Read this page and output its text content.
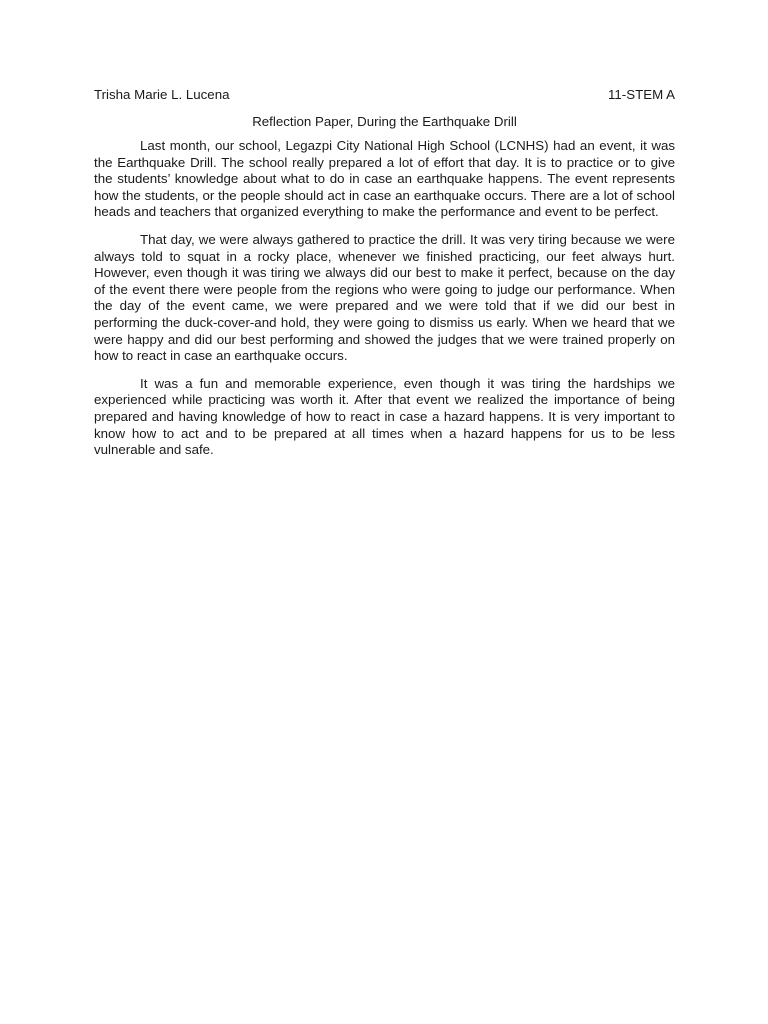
Trisha Marie L. Lucena	11-STEM A
Reflection Paper, During the Earthquake Drill

Last month, our school, Legazpi City National High School (LCNHS) had an event, it was the Earthquake Drill. The school really prepared a lot of effort that day. It is to practice or to give the students’ knowledge about what to do in case an earthquake happens. The event represents how the students, or the people should act in case an earthquake occurs. There are a lot of school heads and teachers that organized everything to make the performance and event to be perfect.

That day, we were always gathered to practice the drill. It was very tiring because we were always told to squat in a rocky place, whenever we finished practicing, our feet always hurt. However, even though it was tiring we always did our best to make it perfect, because on the day of the event there were people from the regions who were going to judge our performance. When the day of the event came, we were prepared and we were told that if we did our best in performing the duck-cover-and hold, they were going to dismiss us early. When we heard that we were happy and did our best performing and showed the judges that we were trained properly on how to react in case an earthquake occurs.

It was a fun and memorable experience, even though it was tiring the hardships we experienced while practicing was worth it. After that event we realized the importance of being prepared and having knowledge of how to react in case a hazard happens. It is very important to know how to act and to be prepared at all times when a hazard happens for us to be less vulnerable and safe.
